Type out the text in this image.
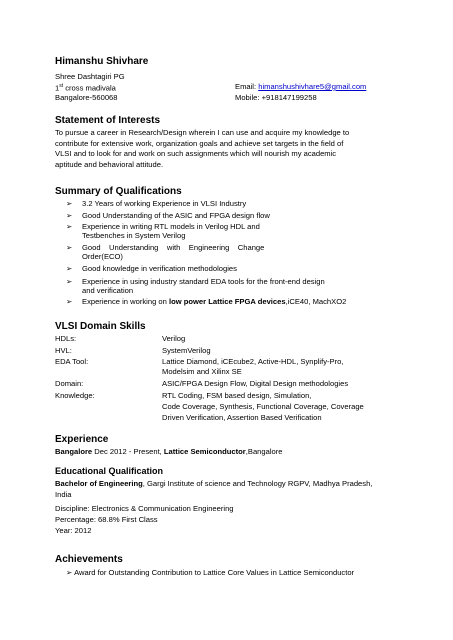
Himanshu Shivhare
Shree Dashtagiri PG
1st cross madivala
Bangalore-560068
Email: himanshushivhare5@gmail.com
Mobile: +918147199258
Statement of Interests
To pursue a career in Research/Design wherein I can use and acquire my knowledge to
contribute for extensive work, organization goals and achieve set targets in the field of
VLSI and to look for and work on such assignments which will nourish my academic
aptitude and behavioral attitude.
Summary of Qualifications
➢ 3.2 Years of working Experience in VLSI Industry
➢ Good Understanding of the ASIC and FPGA design flow
➢ Experience in writing RTL models in Verilog HDL and
Testbenches in System Verilog
➢ Good    Understanding    with    Engineering    Change
Order(ECO)
➢ Good knowledge in verification methodologies
➢ Experience in using industry standard EDA tools for the front-end design
and verification
➢ Experience in working on low power Lattice FPGA devices,iCE40, MachXO2
VLSI Domain Skills
HDLs:	Verilog
HVL:	SystemVerilog
EDA Tool:	Lattice Diamond, iCEcube2, Active-HDL, Synplify-Pro,
Modelsim and Xilinx SE
Domain:	ASIC/FPGA Design Flow, Digital Design methodologies
Knowledge:	RTL Coding, FSM based design, Simulation,
Code Coverage, Synthesis, Functional Coverage, Coverage
Driven Verification, Assertion Based Verification
Experience
Bangalore Dec 2012 - Present, Lattice Semiconductor,Bangalore
Educational Qualification
Bachelor of Engineering, Gargi Institute of science and Technology RGPV, Madhya Pradesh,
India
Discipline: Electronics & Communication Engineering
Percentage: 68.8% First Class
Year: 2012
Achievements
➢ Award for Outstanding Contribution to Lattice Core Values in Lattice Semiconductor
